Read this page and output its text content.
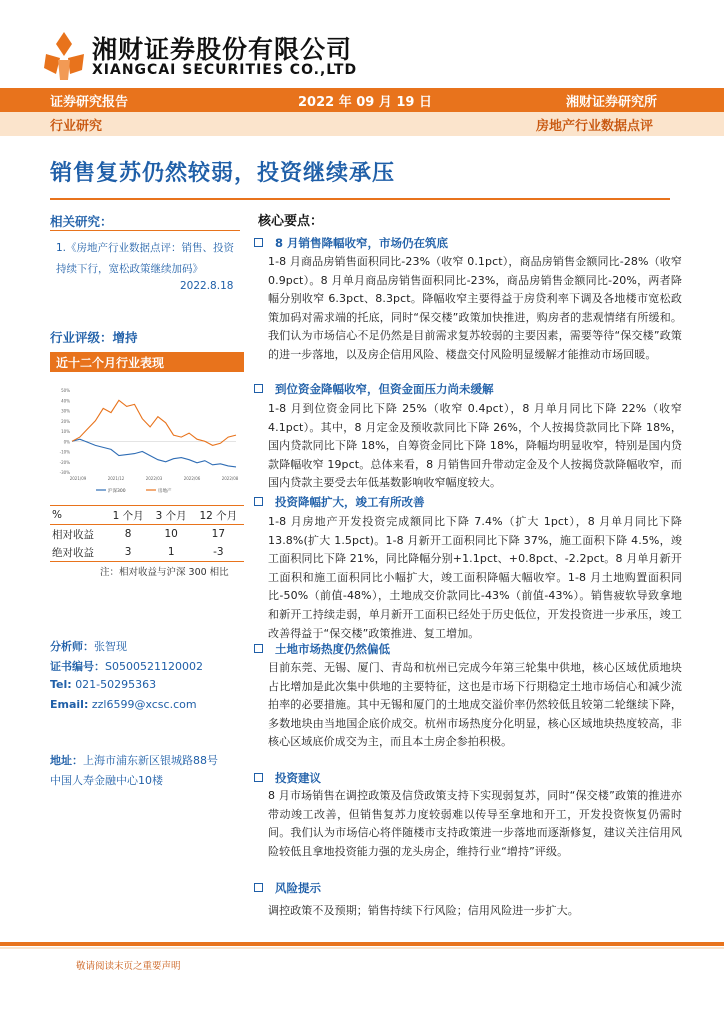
湘财证券股份有限公司
XIANGCAI SECURITIES CO.,LTD
证券研究报告	2022 年 09 月 19 日	湘财证券研究所
行业研究	房地产行业数据点评
销售复苏仍然较弱，投资继续承压
相关研究：
1.《房地产行业数据点评：销售、投资持续下行，宽松政策继续加码》
2022.8.18
行业评级：增持
近十二个月行业表现
50%
40%
30%
20%
10%
0%
-10%
-20%
-30%
2021/09	2021/12	2022/03	2022/06	2022/08
沪深300	房地产
%	1 个月	3 个月	12 个月
相对收益	8	10	17
绝对收益	3	1	-3
注：相对收益与沪深 300 相比
分析师：张智现
证书编号：S0500521120002
Tel: 021-50295363
Email: zzl6599@xcsc.com
地址：上海市浦东新区银城路88号
中国人寿金融中心10楼
核心要点：
8 月销售降幅收窄，市场仍在筑底
1-8 月商品房销售面积同比-23%（收窄 0.1pct），商品房销售金额同比-28%（收窄 0.9pct）。8 月单月商品房销售面积同比-23%，商品房销售金额同比-20%，两者降幅分别收窄 6.3pct、8.3pct。降幅收窄主要得益于房贷利率下调及各地楼市宽松政策加码对需求端的托底，同时“保交楼”政策加快推进，购房者的悲观情绪有所缓和。我们认为市场信心不足仍然是目前需求复苏较弱的主要因素，需要等待“保交楼”政策的进一步落地，以及房企信用风险、楼盘交付风险明显缓解才能推动市场回暖。
到位资金降幅收窄，但资金面压力尚未缓解
1-8 月到位资金同比下降 25%（收窄 0.4pct），8 月单月同比下降 22%（收窄 4.1pct）。其中，8 月定金及预收款同比下降 26%，个人按揭贷款同比下降 18%，国内贷款同比下降 18%，自筹资金同比下降 18%，降幅均明显收窄，特别是国内贷款降幅收窄 19pct。总体来看，8 月销售回升带动定金及个人按揭贷款降幅收窄，而国内贷款主要受去年低基数影响收窄幅度较大。
投资降幅扩大，竣工有所改善
1-8 月房地产开发投资完成额同比下降 7.4%（扩大 1pct），8 月单月同比下降 13.8%(扩大 1.5pct)。1-8 月新开工面积同比下降 37%，施工面积下降 4.5%，竣工面积同比下降 21%，同比降幅分别+1.1pct、+0.8pct、-2.2pct。8 月单月新开工面积和施工面积同比小幅扩大，竣工面积降幅大幅收窄。1-8 月土地购置面积同比-50%（前值-48%），土地成交价款同比-43%（前值-43%）。销售疲软导致拿地和新开工持续走弱，单月新开工面积已经处于历史低位，开发投资进一步承压，竣工改善得益于“保交楼”政策推进、复工增加。
土地市场热度仍然偏低
目前东莞、无锡、厦门、青岛和杭州已完成今年第三轮集中供地，核心区域优质地块占比增加是此次集中供地的主要特征，这也是市场下行期稳定土地市场信心和减少流拍率的必要措施。其中无锡和厦门的土地成交溢价率仍然较低且较第二轮继续下降，多数地块由当地国企底价成交。杭州市场热度分化明显，核心区域地块热度较高，非核心区域底价成交为主，而且本土房企参拍积极。
投资建议
8 月市场销售在调控政策及信贷政策支持下实现弱复苏，同时“保交楼”政策的推进亦带动竣工改善，但销售复苏力度较弱难以传导至拿地和开工，开发投资恢复仍需时间。我们认为市场信心将伴随楼市支持政策进一步落地而逐渐修复，建议关注信用风险较低且拿地投资能力强的龙头房企，维持行业“增持”评级。
风险提示
调控政策不及预期；销售持续下行风险；信用风险进一步扩大。
敬请阅读末页之重要声明
